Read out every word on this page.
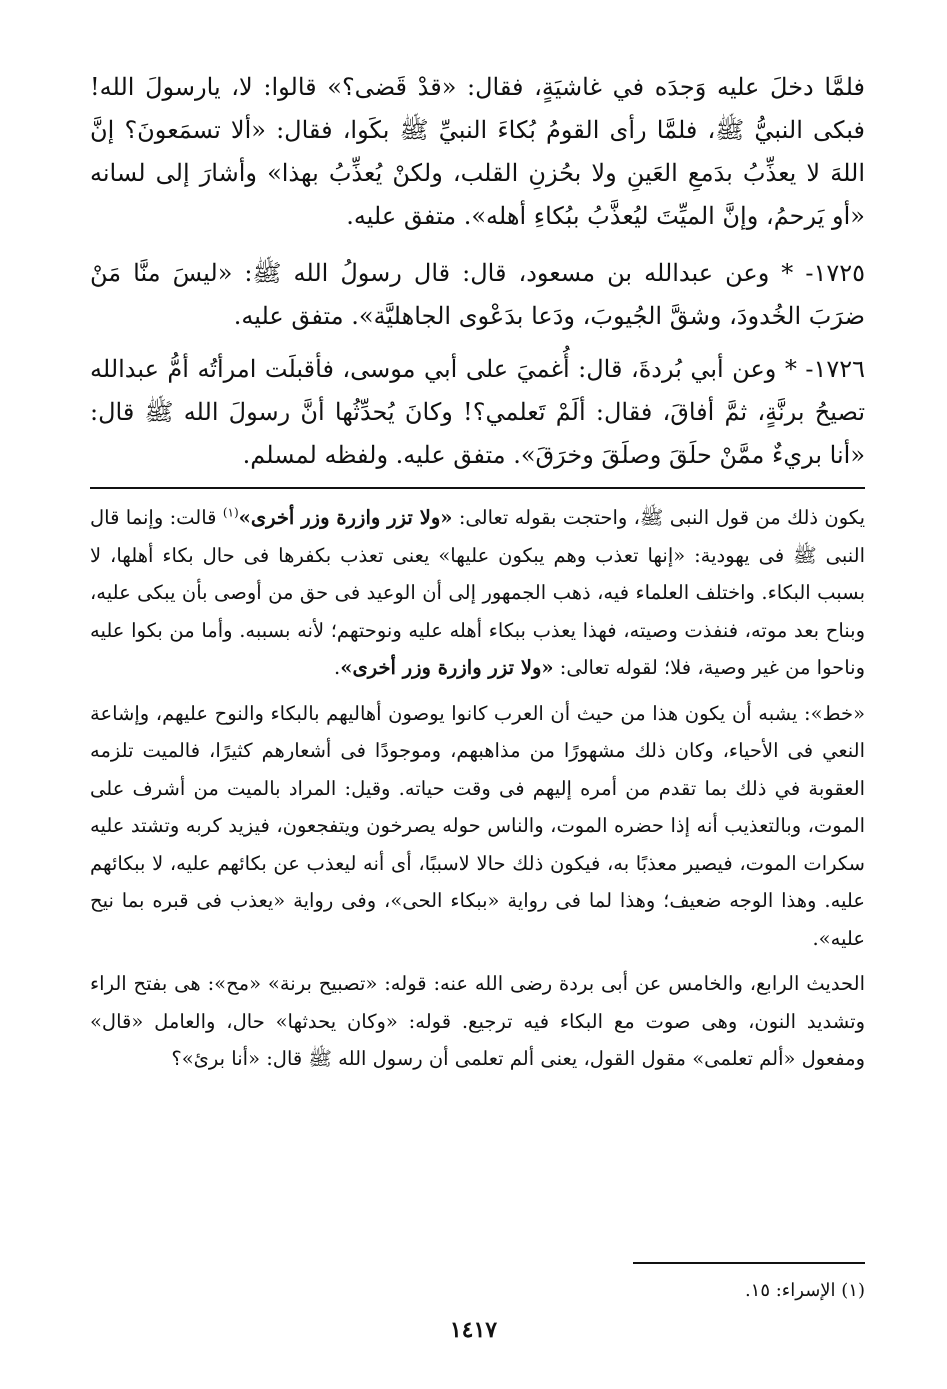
فلمَّا دخلَ عليه وَجدَه في غاشيَةٍ، فقال: «قدْ قَضى؟» قالوا: لا، يارسولَ الله! فبكى النبيُّ ﷺ، فلمَّا رأى القومُ بُكاءَ النبيِّ ﷺ بكَوا، فقال: «ألا تسمَعونَ؟ إنَّ اللهَ لا يعذِّبُ بدَمعِ العَينِ ولا بحُزنِ القلب، ولكنْ يُعذِّبُ بهذا» وأشارَ إلى لسانه «أو يَرحمُ، وإنَّ الميِّتَ ليُعذَّبُ ببُكاءِ أهله». متفق عليه.

١٧٢٥- * وعن عبدالله بن مسعود، قال: قال رسولُ الله ﷺ: «ليسَ منَّا مَنْ ضرَبَ الخُدودَ، وشقَّ الجُيوبَ، ودَعا بدَعْوى الجاهليَّة». متفق عليه.

١٧٢٦- * وعن أبي بُردةَ، قال: أُغميَ على أبي موسى، فأقبلَت امرأتُه أمُّ عبدالله تصيحُ برنَّةٍ، ثمَّ أفاقَ، فقال: ألَمْ تَعلمي؟! وكانَ يُحدِّثُها أنَّ رسولَ الله ﷺ قال: «أنا بريءٌ ممَّنْ حلَقَ وصلَقَ وخرَقَ». متفق عليه. ولفظه لمسلم.

يكون ذلك من قول النبى ﷺ، واحتجت بقوله تعالى: «ولا تزر وازرة وزر أخرى»$^{(١)}$ قالت: وإنما قال النبى ﷺ فى يهودية: «إنها تعذب وهم يبكون عليها» يعنى تعذب بكفرها فى حال بكاء أهلها، لا بسبب البكاء. واختلف العلماء فيه، ذهب الجمهور إلى أن الوعيد فى حق من أوصى بأن يبكى عليه، وبناح بعد موته، فنفذت وصيته، فهذا يعذب ببكاء أهله عليه ونوحتهم؛ لأنه بسببه. وأما من بكوا عليه وناحوا من غير وصية، فلا؛ لقوله تعالى: «ولا تزر وازرة وزر أخرى».

«خط»: يشبه أن يكون هذا من حيث أن العرب كانوا يوصون أهاليهم بالبكاء والنوح عليهم، وإشاعة النعي فى الأحياء، وكان ذلك مشهورًا من مذاهبهم، وموجودًا فى أشعارهم كثيرًا، فالميت تلزمه العقوبة في ذلك بما تقدم من أمره إليهم فى وقت حياته. وقيل: المراد بالميت من أشرف على الموت، وبالتعذيب أنه إذا حضره الموت، والناس حوله يصرخون ويتفجعون، فيزيد كربه وتشتد عليه سكرات الموت، فيصير معذبًا به، فيكون ذلك حالا لاسببًا، أى أنه ليعذب عن بكائهم عليه، لا ببكائهم عليه. وهذا الوجه ضعيف؛ وهذا لما فى رواية «ببكاء الحى»، وفى رواية «يعذب فى قبره بما نيح عليه».

الحديث الرابع، والخامس عن أبى بردة رضى الله عنه: قوله: «تصبيح برنة» «مح»: هى بفتح الراء وتشديد النون، وهى صوت مع البكاء فيه ترجيع. قوله: «وكان يحدثها» حال، والعامل «قال» ومفعول «ألم تعلمى» مقول القول، يعنى ألم تعلمى أن رسول الله ﷺ قال: «أنا برئ»؟

(١) الإسراء: ١٥.
١٤١٧
